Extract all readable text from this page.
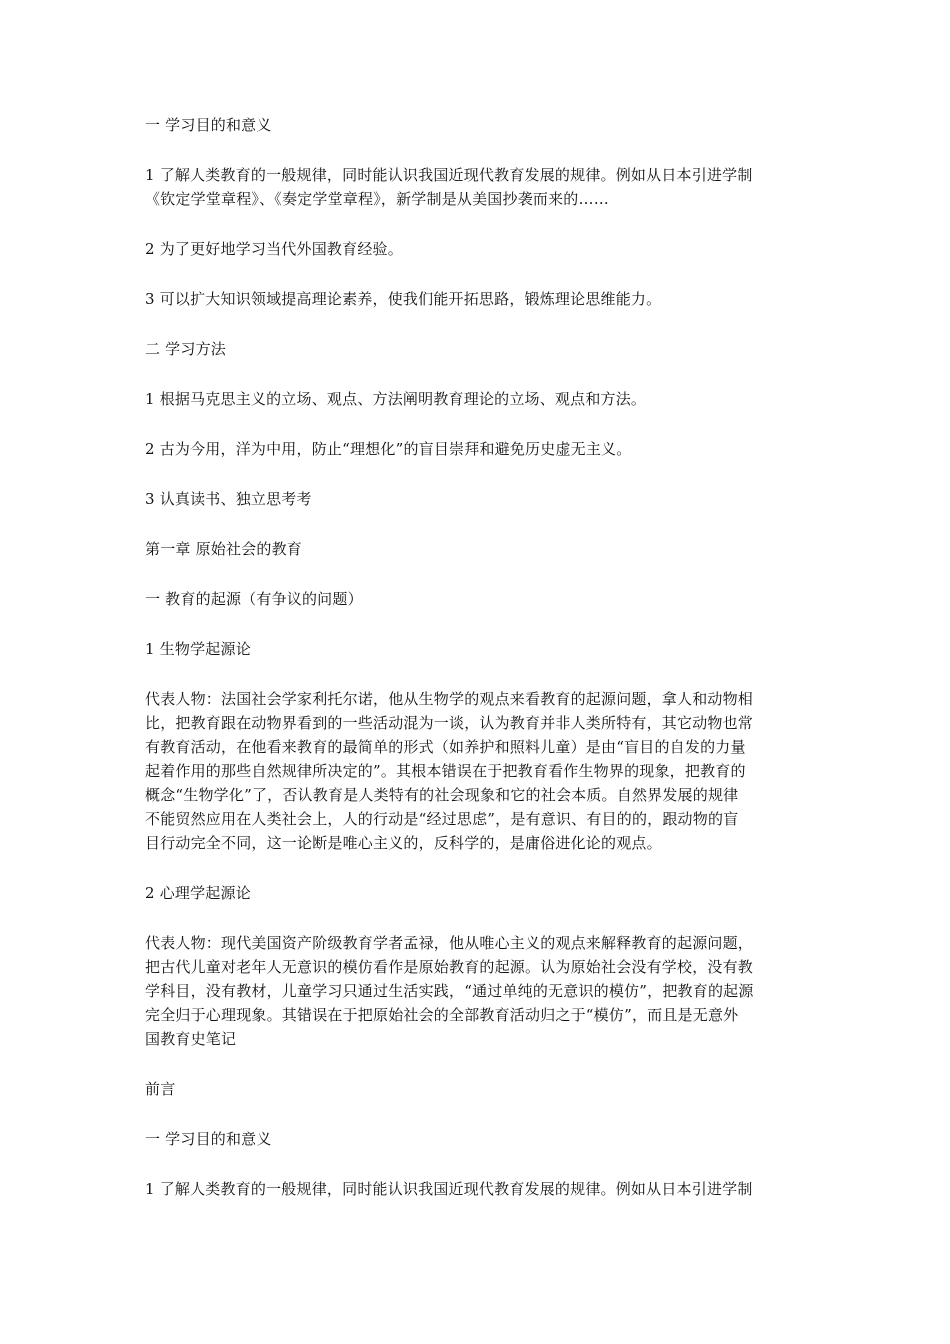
一 学习目的和意义

1 了解人类教育的一般规律，同时能认识我国近现代教育发展的规律。例如从日本引进学制
《钦定学堂章程》、《奏定学堂章程》，新学制是从美国抄袭而来的……

2 为了更好地学习当代外国教育经验。

3 可以扩大知识领域提高理论素养，使我们能开拓思路，锻炼理论思维能力。

二 学习方法

1 根据马克思主义的立场、观点、方法阐明教育理论的立场、观点和方法。

2 古为今用，洋为中用，防止“理想化”的盲目崇拜和避免历史虚无主义。

3 认真读书、独立思考考

第一章 原始社会的教育

一 教育的起源（有争议的问题）

1 生物学起源论

代表人物：法国社会学家利托尔诺，他从生物学的观点来看教育的起源问题，拿人和动物相
比，把教育跟在动物界看到的一些活动混为一谈，认为教育并非人类所特有，其它动物也常
有教育活动，在他看来教育的最简单的形式（如养护和照料儿童）是由“盲目的自发的力量
起着作用的那些自然规律所决定的”。其根本错误在于把教育看作生物界的现象，把教育的
概念“生物学化”了，否认教育是人类特有的社会现象和它的社会本质。自然界发展的规律
不能贸然应用在人类社会上，人的行动是“经过思虑”，是有意识、有目的的，跟动物的盲
目行动完全不同，这一论断是唯心主义的，反科学的，是庸俗进化论的观点。

2 心理学起源论

代表人物：现代美国资产阶级教育学者孟禄，他从唯心主义的观点来解释教育的起源问题，
把古代儿童对老年人无意识的模仿看作是原始教育的起源。认为原始社会没有学校，没有教
学科目，没有教材，儿童学习只通过生活实践，“通过单纯的无意识的模仿”，把教育的起源
完全归于心理现象。其错误在于把原始社会的全部教育活动归之于“模仿”，而且是无意外
国教育史笔记

前言

一 学习目的和意义

1 了解人类教育的一般规律，同时能认识我国近现代教育发展的规律。例如从日本引进学制
